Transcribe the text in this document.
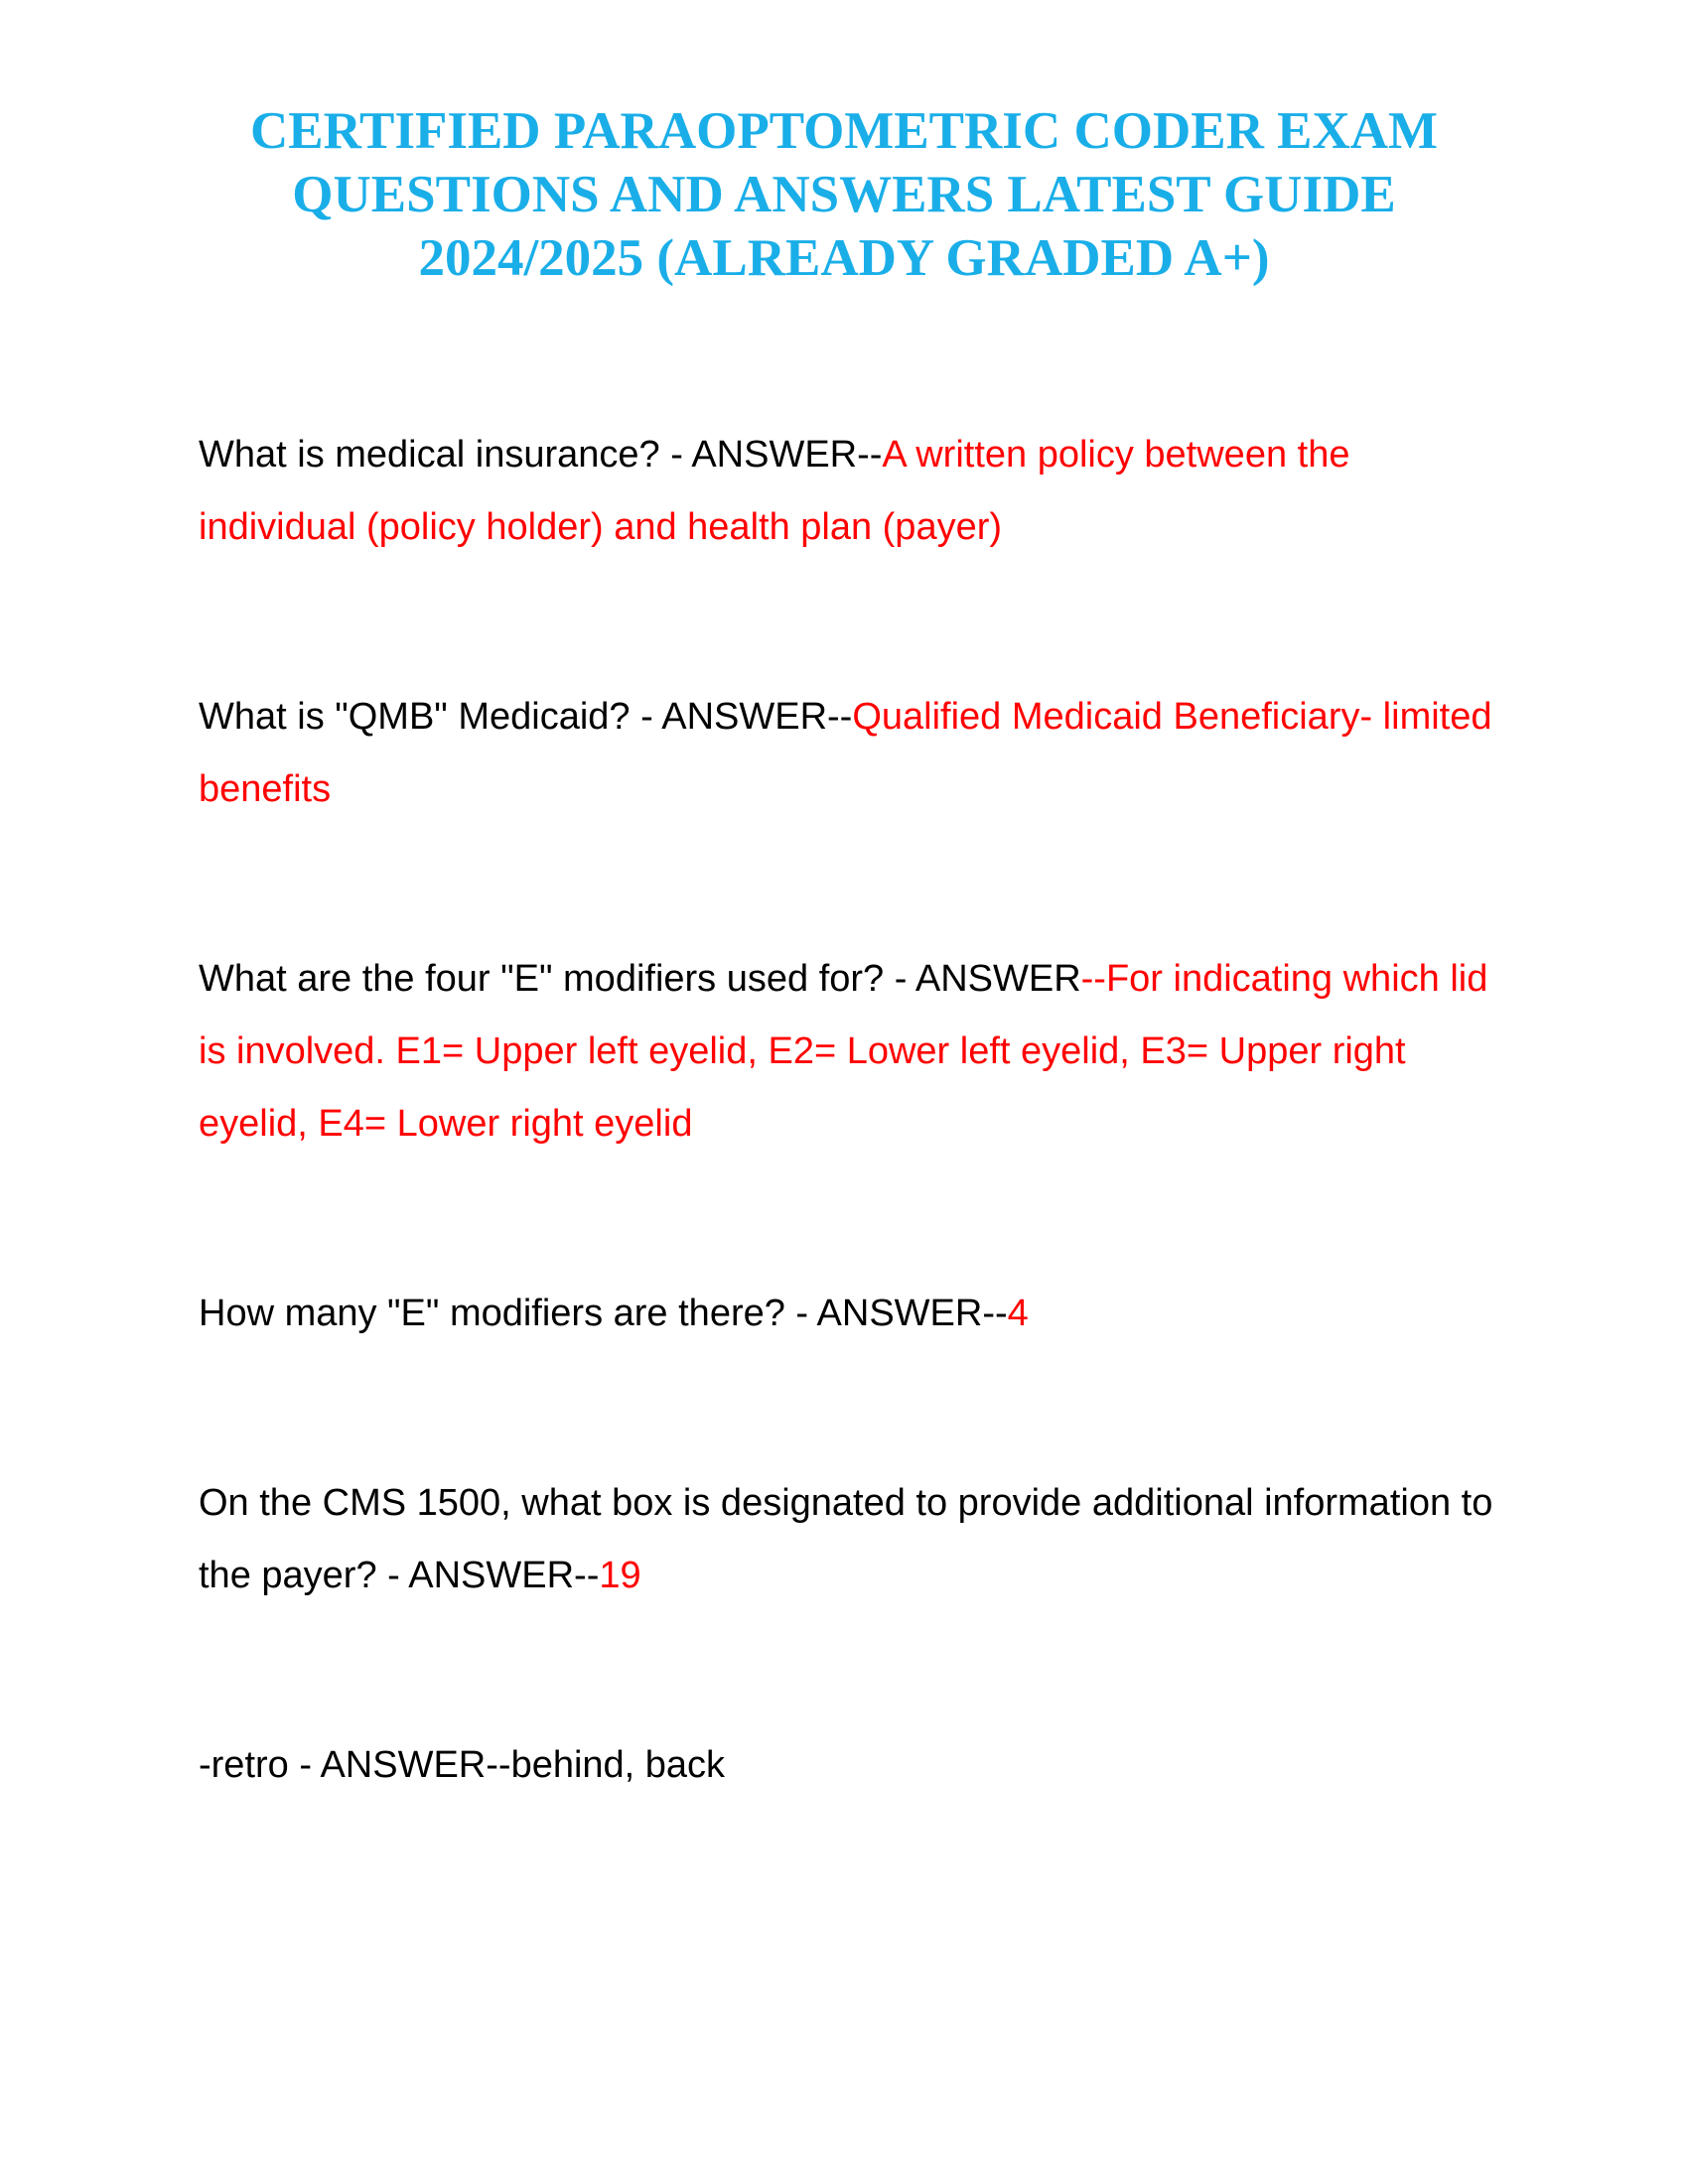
CERTIFIED PARAOPTOMETRIC CODER EXAM
QUESTIONS AND ANSWERS LATEST GUIDE
2024/2025 (ALREADY GRADED A+)

What is medical insurance? - ANSWER--A written policy between the individual (policy holder) and health plan (payer)

What is "QMB" Medicaid? - ANSWER--Qualified Medicaid Beneficiary- limited benefits

What are the four "E" modifiers used for? - ANSWER--For indicating which lid is involved. E1= Upper left eyelid, E2= Lower left eyelid, E3= Upper right eyelid, E4= Lower right eyelid

How many "E" modifiers are there? - ANSWER--4

On the CMS 1500, what box is designated to provide additional information to the payer? - ANSWER--19

-retro - ANSWER--behind, back
